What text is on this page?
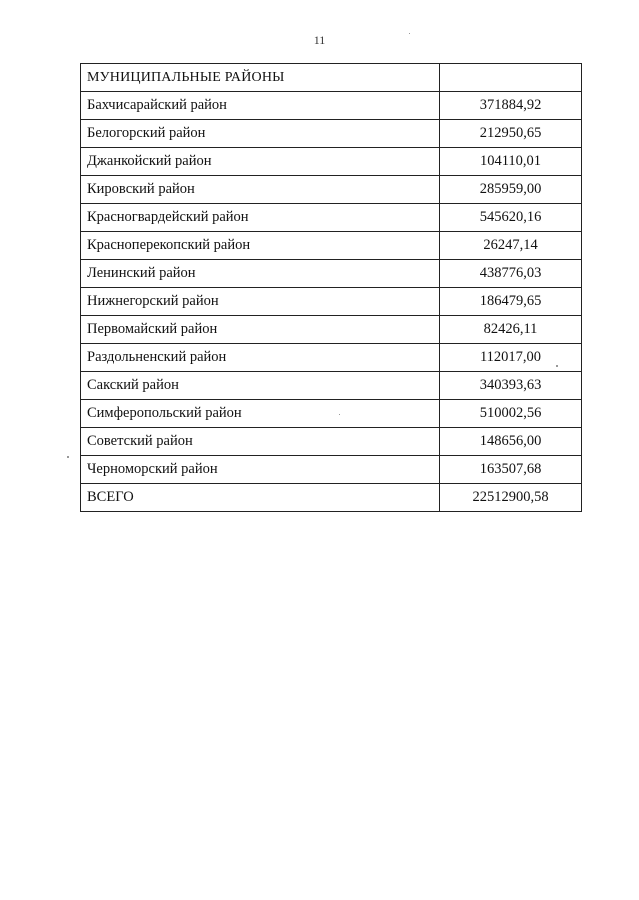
11
МУНИЦИПАЛЬНЫЕ РАЙОНЫ	
Бахчисарайский район	371884,92
Белогорский район	212950,65
Джанкойский район	104110,01
Кировский район	285959,00
Красногвардейский район	545620,16
Красноперекопский район	26247,14
Ленинский район	438776,03
Нижнегорский район	186479,65
Первомайский район	82426,11
Раздольненский район	112017,00
Сакский район	340393,63
Симферопольский район	510002,56
Советский район	148656,00
Черноморский район	163507,68
ВСЕГО	22512900,58
